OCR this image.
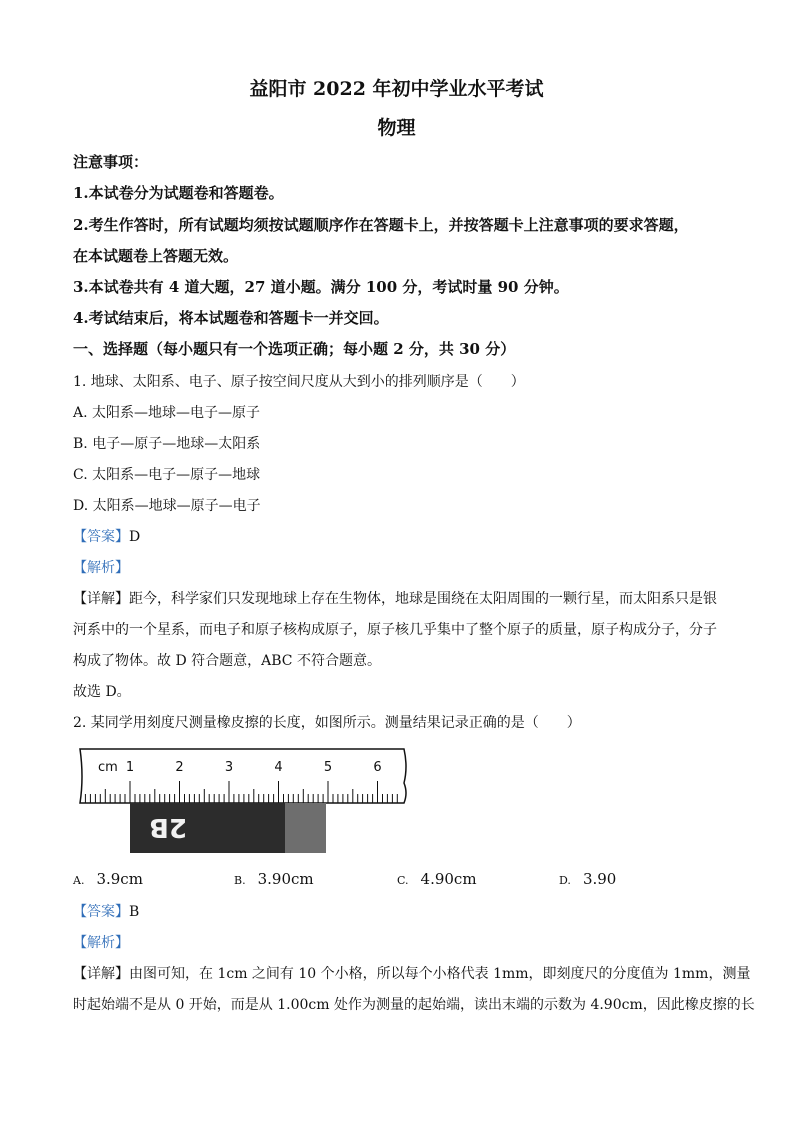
益阳市 2022 年初中学业水平考试
物理
注意事项：
1.本试卷分为试题卷和答题卷。
2.考生作答时，所有试题均须按试题顺序作在答题卡上，并按答题卡上注意事项的要求答题，
在本试题卷上答题无效。
3.本试卷共有 4 道大题，27 道小题。满分 100 分，考试时量 90 分钟。
4.考试结束后，将本试题卷和答题卡一并交回。
一、选择题（每小题只有一个选项正确；每小题 2 分，共 30 分）
1. 地球、太阳系、电子、原子按空间尺度从大到小的排列顺序是（　　）
A. 太阳系—地球—电子—原子
B. 电子—原子—地球—太阳系
C. 太阳系—电子—原子—地球
D. 太阳系—地球—原子—电子
【答案】D
【解析】
【详解】距今，科学家们只发现地球上存在生物体，地球是围绕在太阳周围的一颗行星，而太阳系只是银
河系中的一个星系，而电子和原子核构成原子，原子核几乎集中了整个原子的质量，原子构成分子，分子
构成了物体。故 D 符合题意，ABC 不符合题意。
故选 D。
2. 某同学用刻度尺测量橡皮擦的长度，如图所示。测量结果记录正确的是（　　）
cm 1	2	3	4	5	6
2B
A. 3.9cm	B. 3.90cm	C. 4.90cm	D. 3.90
【答案】B
【解析】
【详解】由图可知，在 1cm 之间有 10 个小格，所以每个小格代表 1mm，即刻度尺的分度值为 1mm，测量
时起始端不是从 0 开始，而是从 1.00cm 处作为测量的起始端，读出末端的示数为 4.90cm，因此橡皮擦的长
